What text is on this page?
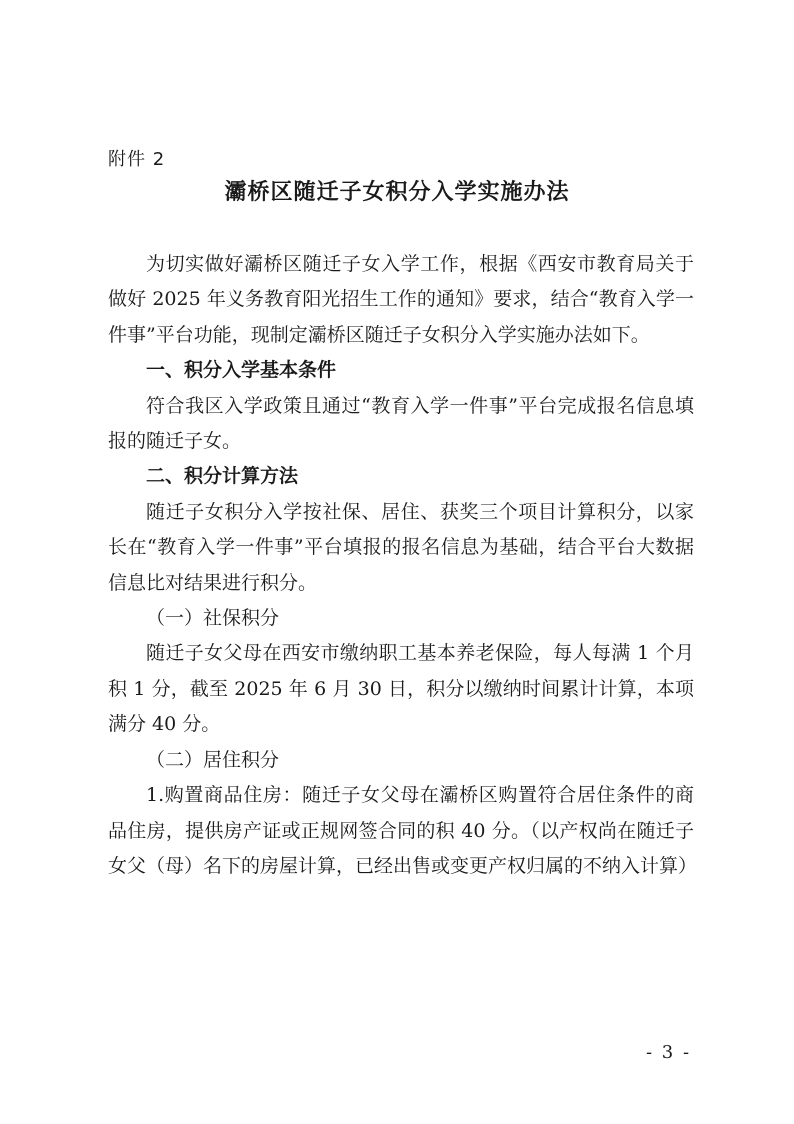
附件 2
灞桥区随迁子女积分入学实施办法

为切实做好灞桥区随迁子女入学工作，根据《西安市教育局关于做好 2025 年义务教育阳光招生工作的通知》要求，结合“教育入学一件事”平台功能，现制定灞桥区随迁子女积分入学实施办法如下。

一、积分入学基本条件

符合我区入学政策且通过“教育入学一件事”平台完成报名信息填报的随迁子女。

二、积分计算方法

随迁子女积分入学按社保、居住、获奖三个项目计算积分，以家长在“教育入学一件事”平台填报的报名信息为基础，结合平台大数据信息比对结果进行积分。

（一）社保积分

随迁子女父母在西安市缴纳职工基本养老保险，每人每满 1 个月积 1 分，截至 2025 年 6 月 30 日，积分以缴纳时间累计计算，本项满分 40 分。

（二）居住积分

1.购置商品住房：随迁子女父母在灞桥区购置符合居住条件的商品住房，提供房产证或正规网签合同的积 40 分。（以产权尚在随迁子女父（母）名下的房屋计算，已经出售或变更产权归属的不纳入计算）

- 3 -
